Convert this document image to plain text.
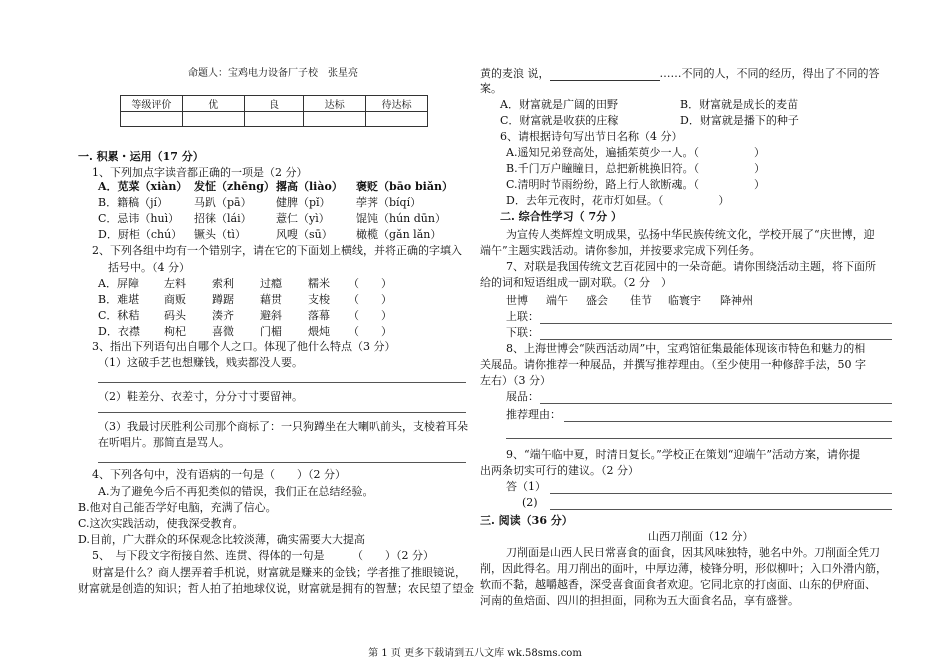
命题人：宝鸡电力设备厂子校　张星亮
等级评价	优	良	达标	待达标

一. 积累・运用（17 分）
1、下列加点字读音都正确的一项是（2 分）
A．苋菜（xiàn） 发怔（zhēng） 撂高（liào） 褒贬（bāo biǎn）
B．籍稿（jí） 马趴（pā） 健脾（pǐ） 荸荠（bíqí）
C．忌讳（huì） 招徕（lái） 薏仁（yì） 馄饨（hún dūn）
D．厨柜（chú） 镢头（tì）	风嗖（sū） 橄榄（gǎn lǎn）
2、下列各组中均有一个错别字，请在它的下面划上横线，并将正确的字填入
括号中。（4 分）
A．屏障 左料 索利 过瘾 糯米 （　　）
B．难堪 商贩 蹲踞 藉贯 支梭 （　　）
C．秫秸 码头 湊齐 避斜 落幕 （　　）
D．衣襟 枸杞 喜微 门楣 煨炖 （　　）
3、指出下列语句出自哪个人之口。体现了他什么特点（3 分）
（1）这破手艺也想赚钱，贱卖都没人要。
（2）鞋差分、衣差寸，分分寸寸要留神。
（3）我最讨厌胜利公司那个商标了：一只狗蹲坐在大喇叭前头，支棱着耳朵
在听唱片。那简直是骂人。
4、下列各句中，没有语病的一句是（　　）（2 分）
A.为了避免今后不再犯类似的错误，我们正在总结经验。
B.他对自己能否学好电脑，充满了信心。
C.这次实践活动，使我深受教育。
D.目前，广大群众的环保观念比较淡薄，确实需要大大提高
5、　与下段文字衔接自然、连贯、得体的一句是　　　（　　）（2 分）
财富是什么？商人摆弄着手机说，财富就是赚来的金钱；学者推了推眼镜说，
财富就是创造的知识；哲人拍了拍地球仪说，财富就是拥有的智慧；农民望了望金
黄的麦浪 说，	……不同的人，不同的经历，得出了不同的答
案。
A．财富就是广阔的田野	B．财富就是成长的麦苗
C．财富就是收获的庄稼	D．财富就是播下的种子
6、请根据诗句写出节日名称（4 分）
A.遥知兄弟登高处，遍插茱萸少一人。（　　　　　）
B.千门万户瞳瞳日，总把新桃换旧符。（　　　　　）
C.清明时节雨纷纷，路上行人欲断魂。（　　　　　）
D．去年元夜时，花市灯如昼。（　　　　　）
二. 综合性学习（ 7分 ）
为宣传人类辉煌文明成果，弘扬中华民族传统文化，学校开展了“庆世博，迎
端午”主题实践活动。请你参加，并按要求完成下列任务。
7、对联是我国传统文艺百花园中的一朵奇葩。请你围绕活动主题，将下面所
给的词和短语组成一副对联。（2 分　）
世博 端午 盛会 佳节 临寰宇 降神州
上联：
下联：
8、上海世博会“陕西活动周”中，宝鸡馆征集最能体现该市特色和魅力的相
关展品。请你推荐一种展品，并撰写推荐理由。（至少使用一种修辞手法，50 字
左右）（3 分）
展品：
推荐理由：
9、“端午临中夏，时清日复长。”学校正在策划“迎端午”活动方案，请你提
出两条切实可行的建议。（2 分）
答（1）
(2)
三. 阅读（36 分）
山西刀削面（12 分）
刀削面是山西人民日常喜食的面食，因其风味独特，驰名中外。刀削面全凭刀
削，因此得名。用刀削出的面叶，中厚边薄，棱锋分明，形似柳叶；入口外滑内筋，
软而不黏，越嚼越香，深受喜食面食者欢迎。它同北京的打卤面、山东的伊府面、
河南的鱼焙面、四川的担担面，同称为五大面食名品，享有盛誉。
第 1 页 更多下载请到五八文库 wk.58sms.com
